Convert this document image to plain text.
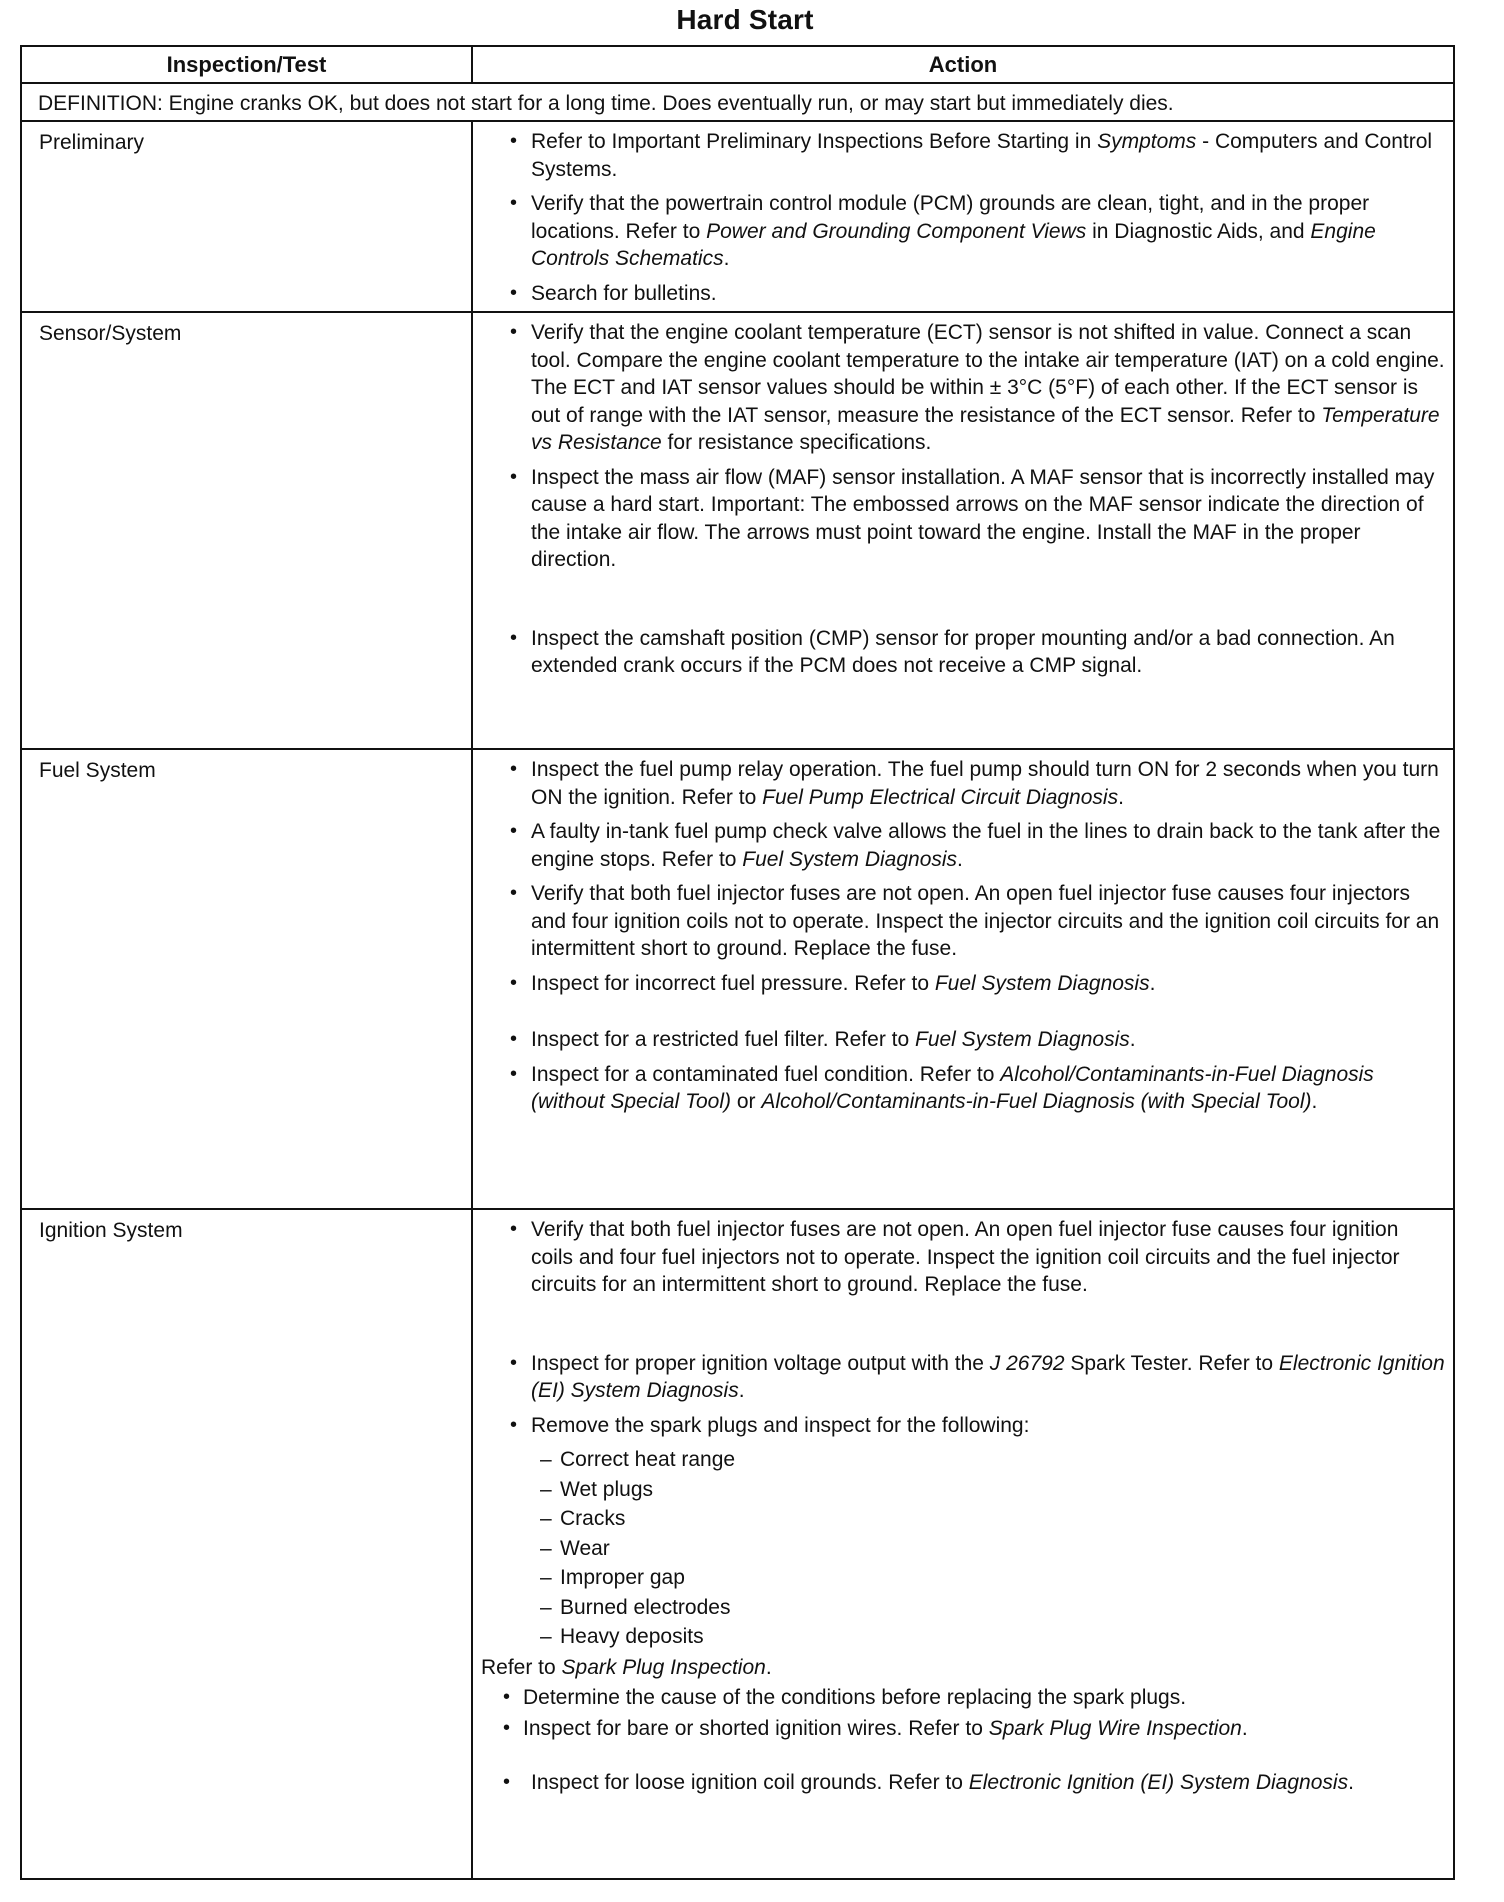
Hard Start
Inspection/Test	Action
DEFINITION: Engine cranks OK, but does not start for a long time. Does eventually run, or may start but immediately dies.
Preliminary	• Refer to Important Preliminary Inspections Before Starting in Symptoms - Computers and Control Systems.
• Verify that the powertrain control module (PCM) grounds are clean, tight, and in the proper locations. Refer to Power and Grounding Component Views in Diagnostic Aids, and Engine Controls Schematics.
• Search for bulletins.
Sensor/System	• Verify that the engine coolant temperature (ECT) sensor is not shifted in value. Connect a scan tool. Compare the engine coolant temperature to the intake air temperature (IAT) on a cold engine. The ECT and IAT sensor values should be within ± 3°C (5°F) of each other. If the ECT sensor is out of range with the IAT sensor, measure the resistance of the ECT sensor. Refer to Temperature vs Resistance for resistance specifications.
• Inspect the mass air flow (MAF) sensor installation. A MAF sensor that is incorrectly installed may cause a hard start. Important: The embossed arrows on the MAF sensor indicate the direction of the intake air flow. The arrows must point toward the engine. Install the MAF in the proper direction.
• Inspect the camshaft position (CMP) sensor for proper mounting and/or a bad connection. An extended crank occurs if the PCM does not receive a CMP signal.
Fuel System	• Inspect the fuel pump relay operation. The fuel pump should turn ON for 2 seconds when you turn ON the ignition. Refer to Fuel Pump Electrical Circuit Diagnosis.
• A faulty in-tank fuel pump check valve allows the fuel in the lines to drain back to the tank after the engine stops. Refer to Fuel System Diagnosis.
• Verify that both fuel injector fuses are not open. An open fuel injector fuse causes four injectors and four ignition coils not to operate. Inspect the injector circuits and the ignition coil circuits for an intermittent short to ground. Replace the fuse.
• Inspect for incorrect fuel pressure. Refer to Fuel System Diagnosis.
• Inspect for a restricted fuel filter. Refer to Fuel System Diagnosis.
• Inspect for a contaminated fuel condition. Refer to Alcohol/Contaminants-in-Fuel Diagnosis (without Special Tool) or Alcohol/Contaminants-in-Fuel Diagnosis (with Special Tool).
Ignition System	• Verify that both fuel injector fuses are not open. An open fuel injector fuse causes four ignition coils and four fuel injectors not to operate. Inspect the ignition coil circuits and the fuel injector circuits for an intermittent short to ground. Replace the fuse.
• Inspect for proper ignition voltage output with the J 26792 Spark Tester. Refer to Electronic Ignition (EI) System Diagnosis.
• Remove the spark plugs and inspect for the following:
– Correct heat range
– Wet plugs
– Cracks
– Wear
– Improper gap
– Burned electrodes
– Heavy deposits
Refer to Spark Plug Inspection.
• Determine the cause of the conditions before replacing the spark plugs.
• Inspect for bare or shorted ignition wires. Refer to Spark Plug Wire Inspection.
• Inspect for loose ignition coil grounds. Refer to Electronic Ignition (EI) System Diagnosis.
